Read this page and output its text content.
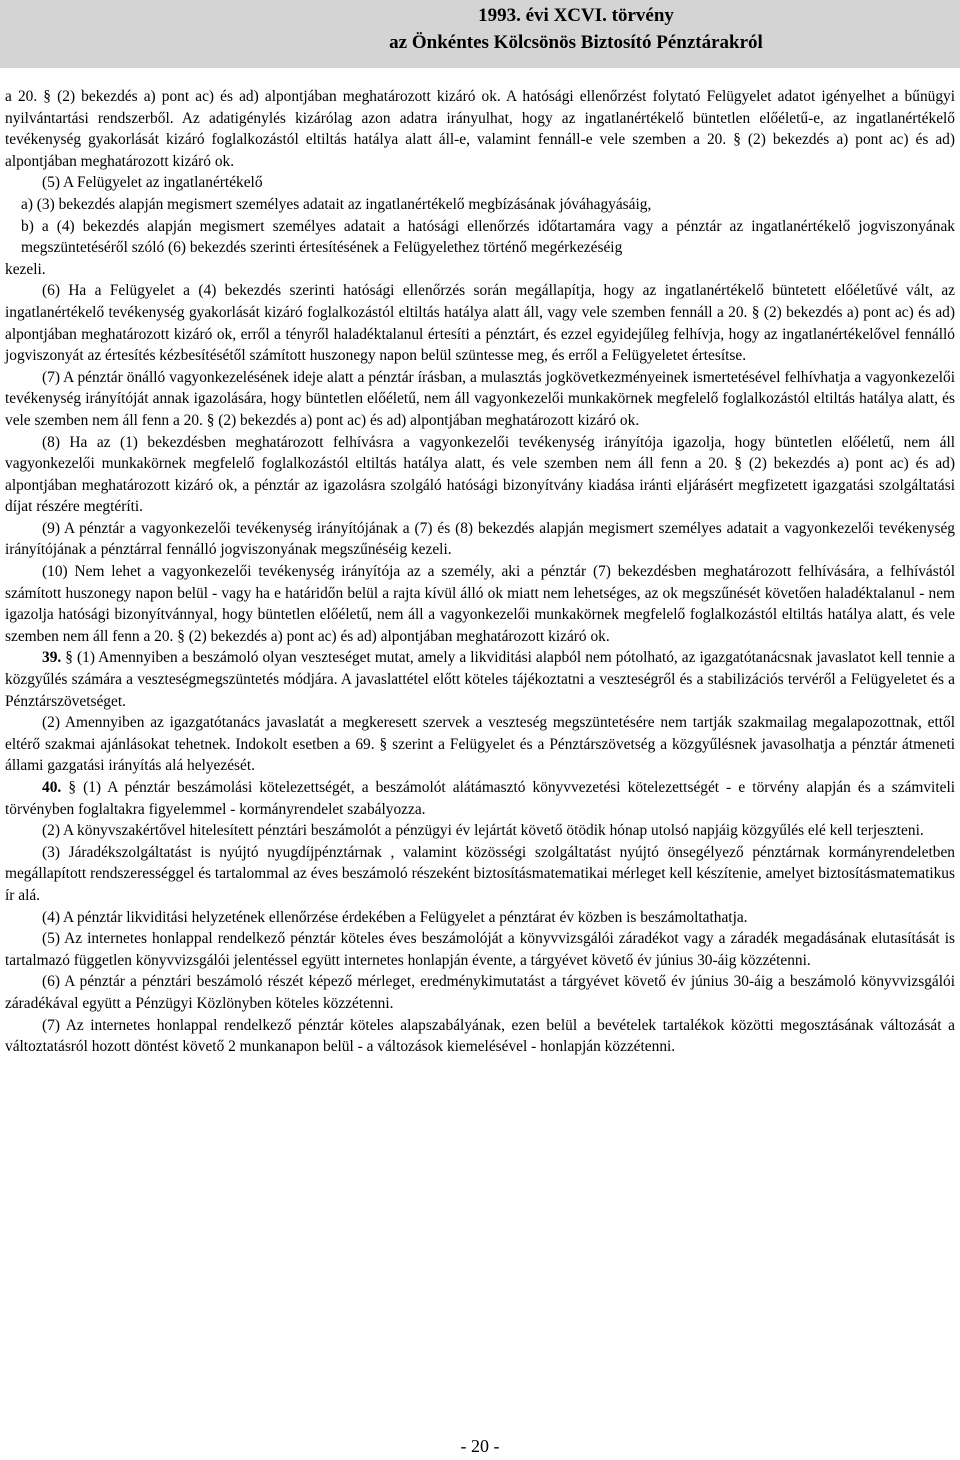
1993. évi XCVI. törvény
az Önkéntes Kölcsönös Biztosító Pénztárakról

a 20. § (2) bekezdés a) pont ac) és ad) alpontjában meghatározott kizáró ok. A hatósági ellenőrzést folytató Felügyelet adatot igényelhet a bűnügyi nyilvántartási rendszerből. Az adatigénylés kizárólag azon adatra irányulhat, hogy az ingatlanértékelő büntetlen előéletű-e, az ingatlanértékelő tevékenység gyakorlását kizáró foglalkozástól eltiltás hatálya alatt áll-e, valamint fennáll-e vele szemben a 20. § (2) bekezdés a) pont ac) és ad) alpontjában meghatározott kizáró ok.

(5) A Felügyelet az ingatlanértékelő

a) (3) bekezdés alapján megismert személyes adatait az ingatlanértékelő megbízásának jóváhagyásáig,

b) a (4) bekezdés alapján megismert személyes adatait a hatósági ellenőrzés időtartamára vagy a pénztár az ingatlanértékelő jogviszonyának megszüntetéséről szóló (6) bekezdés szerinti értesítésének a Felügyelethez történő megérkezéséig

kezeli.

(6) Ha a Felügyelet a (4) bekezdés szerinti hatósági ellenőrzés során megállapítja, hogy az ingatlanértékelő büntetett előéletűvé vált, az ingatlanértékelő tevékenység gyakorlását kizáró foglalkozástól eltiltás hatálya alatt áll, vagy vele szemben fennáll a 20. § (2) bekezdés a) pont ac) és ad) alpontjában meghatározott kizáró ok, erről a tényről haladéktalanul értesíti a pénztárt, és ezzel egyidejűleg felhívja, hogy az ingatlanértékelővel fennálló jogviszonyát az értesítés kézbesítésétől számított huszonegy napon belül szüntesse meg, és erről a Felügyeletet értesítse.

(7) A pénztár önálló vagyonkezelésének ideje alatt a pénztár írásban, a mulasztás jogkövetkezményeinek ismertetésével felhívhatja a vagyonkezelői tevékenység irányítóját annak igazolására, hogy büntetlen előéletű, nem áll vagyonkezelői munkakörnek megfelelő foglalkozástól eltiltás hatálya alatt, és vele szemben nem áll fenn a 20. § (2) bekezdés a) pont ac) és ad) alpontjában meghatározott kizáró ok.

(8) Ha az (1) bekezdésben meghatározott felhívásra a vagyonkezelői tevékenység irányítója igazolja, hogy büntetlen előéletű, nem áll vagyonkezelői munkakörnek megfelelő foglalkozástól eltiltás hatálya alatt, és vele szemben nem áll fenn a 20. § (2) bekezdés a) pont ac) és ad) alpontjában meghatározott kizáró ok, a pénztár az igazolásra szolgáló hatósági bizonyítvány kiadása iránti eljárásért megfizetett igazgatási szolgáltatási díjat részére megtéríti.

(9) A pénztár a vagyonkezelői tevékenység irányítójának a (7) és (8) bekezdés alapján megismert személyes adatait a vagyonkezelői tevékenység irányítójának a pénztárral fennálló jogviszonyának megszűnéséig kezeli.

(10) Nem lehet a vagyonkezelői tevékenység irányítója az a személy, aki a pénztár (7) bekezdésben meghatározott felhívására, a felhívástól számított huszonegy napon belül - vagy ha e határidőn belül a rajta kívül álló ok miatt nem lehetséges, az ok megszűnését követően haladéktalanul - nem igazolja hatósági bizonyítvánnyal, hogy büntetlen előéletű, nem áll a vagyonkezelői munkakörnek megfelelő foglalkozástól eltiltás hatálya alatt, és vele szemben nem áll fenn a 20. § (2) bekezdés a) pont ac) és ad) alpontjában meghatározott kizáró ok.

39. § (1) Amennyiben a beszámoló olyan veszteséget mutat, amely a likviditási alapból nem pótolható, az igazgatótanácsnak javaslatot kell tennie a közgyűlés számára a veszteségmegszüntetés módjára. A javaslattétel előtt köteles tájékoztatni a veszteségről és a stabilizációs tervéről a Felügyeletet és a Pénztárszövetséget.

(2) Amennyiben az igazgatótanács javaslatát a megkeresett szervek a veszteség megszüntetésére nem tartják szakmailag megalapozottnak, ettől eltérő szakmai ajánlásokat tehetnek. Indokolt esetben a 69. § szerint a Felügyelet és a Pénztárszövetség a közgyűlésnek javasolhatja a pénztár átmeneti állami gazgatási irányítás alá helyezését.

40. § (1) A pénztár beszámolási kötelezettségét, a beszámolót alátámasztó könyvvezetési kötelezettségét - e törvény alapján és a számviteli törvényben foglaltakra figyelemmel - kormányrendelet szabályozza.

(2) A könyvszakértővel hitelesített pénztári beszámolót a pénzügyi év lejártát követő ötödik hónap utolsó napjáig közgyűlés elé kell terjeszteni.

(3) Járadékszolgáltatást is nyújtó nyugdíjpénztárnak , valamint közösségi szolgáltatást nyújtó önsegélyező pénztárnak kormányrendeletben megállapított rendszerességgel és tartalommal az éves beszámoló részeként biztosításmatematikai mérleget kell készítenie, amelyet biztosításmatematikus ír alá.

(4) A pénztár likviditási helyzetének ellenőrzése érdekében a Felügyelet a pénztárat év közben is beszámoltathatja.

(5) Az internetes honlappal rendelkező pénztár köteles éves beszámolóját a könyvvizsgálói záradékot vagy a záradék megadásának elutasítását is tartalmazó független könyvvizsgálói jelentéssel együtt internetes honlapján évente, a tárgyévet követő év június 30-áig közzétenni.

(6) A pénztár a pénztári beszámoló részét képező mérleget, eredménykimutatást a tárgyévet követő év június 30-áig a beszámoló könyvvizsgálói záradékával együtt a Pénzügyi Közlönyben köteles közzétenni.

(7) Az internetes honlappal rendelkező pénztár köteles alapszabályának, ezen belül a bevételek tartalékok közötti megosztásának változását a változtatásról hozott döntést követő 2 munkanapon belül - a változások kiemelésével - honlapján közzétenni.

- 20 -
